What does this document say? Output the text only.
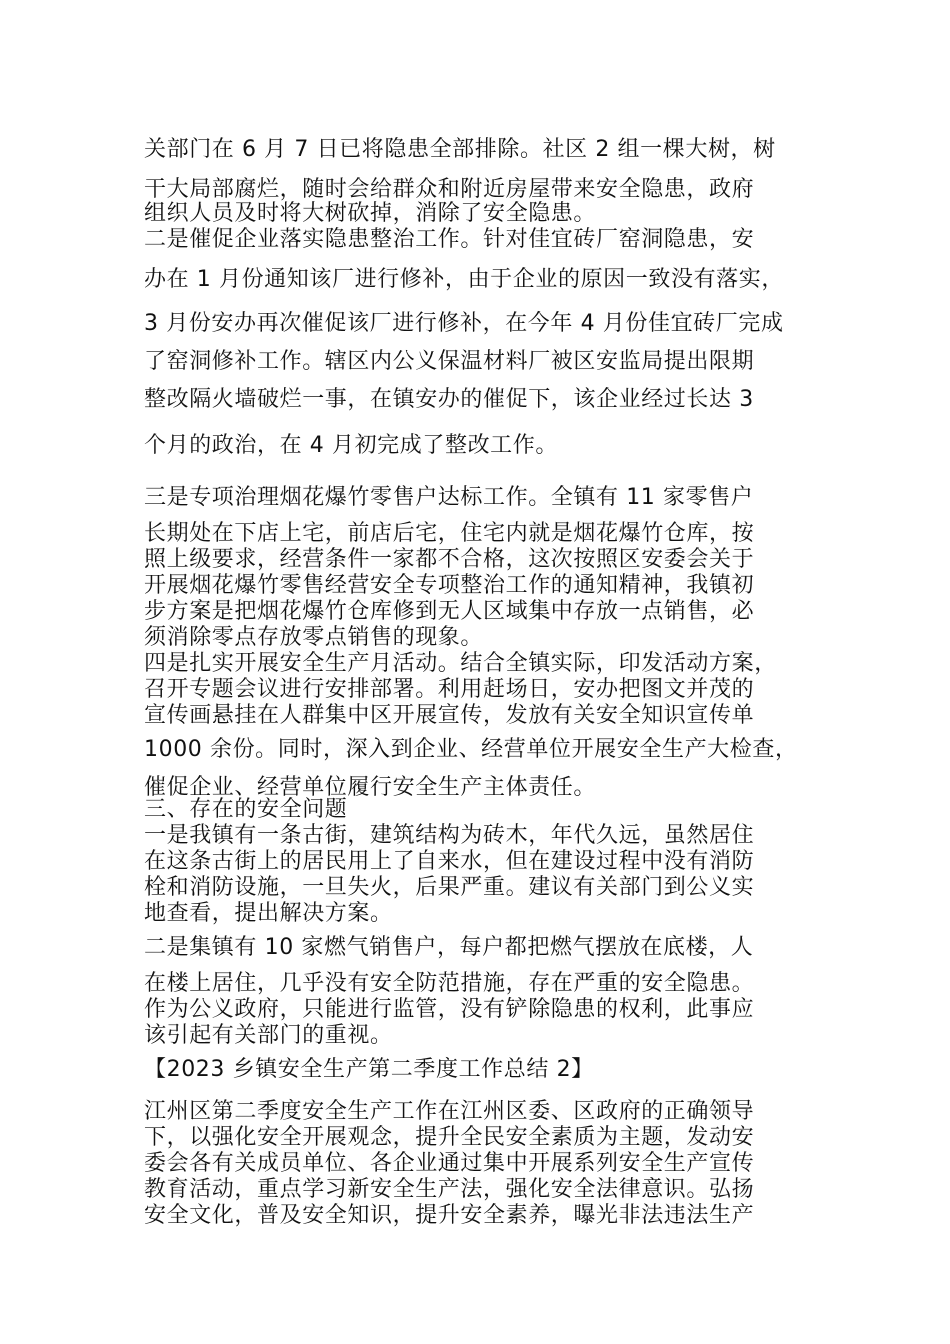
关部门在 6 月 7 日已将隐患全部排除。社区 2 组一棵大树，树
干大局部腐烂，随时会给群众和附近房屋带来安全隐患，政府
组织人员及时将大树砍掉，消除了安全隐患。
二是催促企业落实隐患整治工作。针对佳宜砖厂窑洞隐患，安
办在 1 月份通知该厂进行修补，由于企业的原因一致没有落实，
3 月份安办再次催促该厂进行修补，在今年 4 月份佳宜砖厂完成
了窑洞修补工作。辖区内公义保温材料厂被区安监局提出限期
整改隔火墙破烂一事，在镇安办的催促下，该企业经过长达 3
个月的政治，在 4 月初完成了整改工作。
三是专项治理烟花爆竹零售户达标工作。全镇有 11 家零售户
长期处在下店上宅，前店后宅，住宅内就是烟花爆竹仓库，按
照上级要求，经营条件一家都不合格，这次按照区安委会关于
开展烟花爆竹零售经营安全专项整治工作的通知精神，我镇初
步方案是把烟花爆竹仓库修到无人区域集中存放一点销售，必
须消除零点存放零点销售的现象。
四是扎实开展安全生产月活动。结合全镇实际，印发活动方案，
召开专题会议进行安排部署。利用赶场日，安办把图文并茂的
宣传画悬挂在人群集中区开展宣传，发放有关安全知识宣传单
1000 余份。同时，深入到企业、经营单位开展安全生产大检查，
催促企业、经营单位履行安全生产主体责任。
三、存在的安全问题
一是我镇有一条古街，建筑结构为砖木，年代久远，虽然居住
在这条古街上的居民用上了自来水，但在建设过程中没有消防
栓和消防设施，一旦失火，后果严重。建议有关部门到公义实
地查看，提出解决方案。
二是集镇有 10 家燃气销售户，每户都把燃气摆放在底楼，人
在楼上居住，几乎没有安全防范措施，存在严重的安全隐患。
作为公义政府，只能进行监管，没有铲除隐患的权利，此事应
该引起有关部门的重视。
【2023 乡镇安全生产第二季度工作总结 2】
江州区第二季度安全生产工作在江州区委、区政府的正确领导
下，以强化安全开展观念，提升全民安全素质为主题，发动安
委会各有关成员单位、各企业通过集中开展系列安全生产宣传
教育活动，重点学习新安全生产法，强化安全法律意识。弘扬
安全文化，普及安全知识，提升安全素养，曝光非法违法生产
